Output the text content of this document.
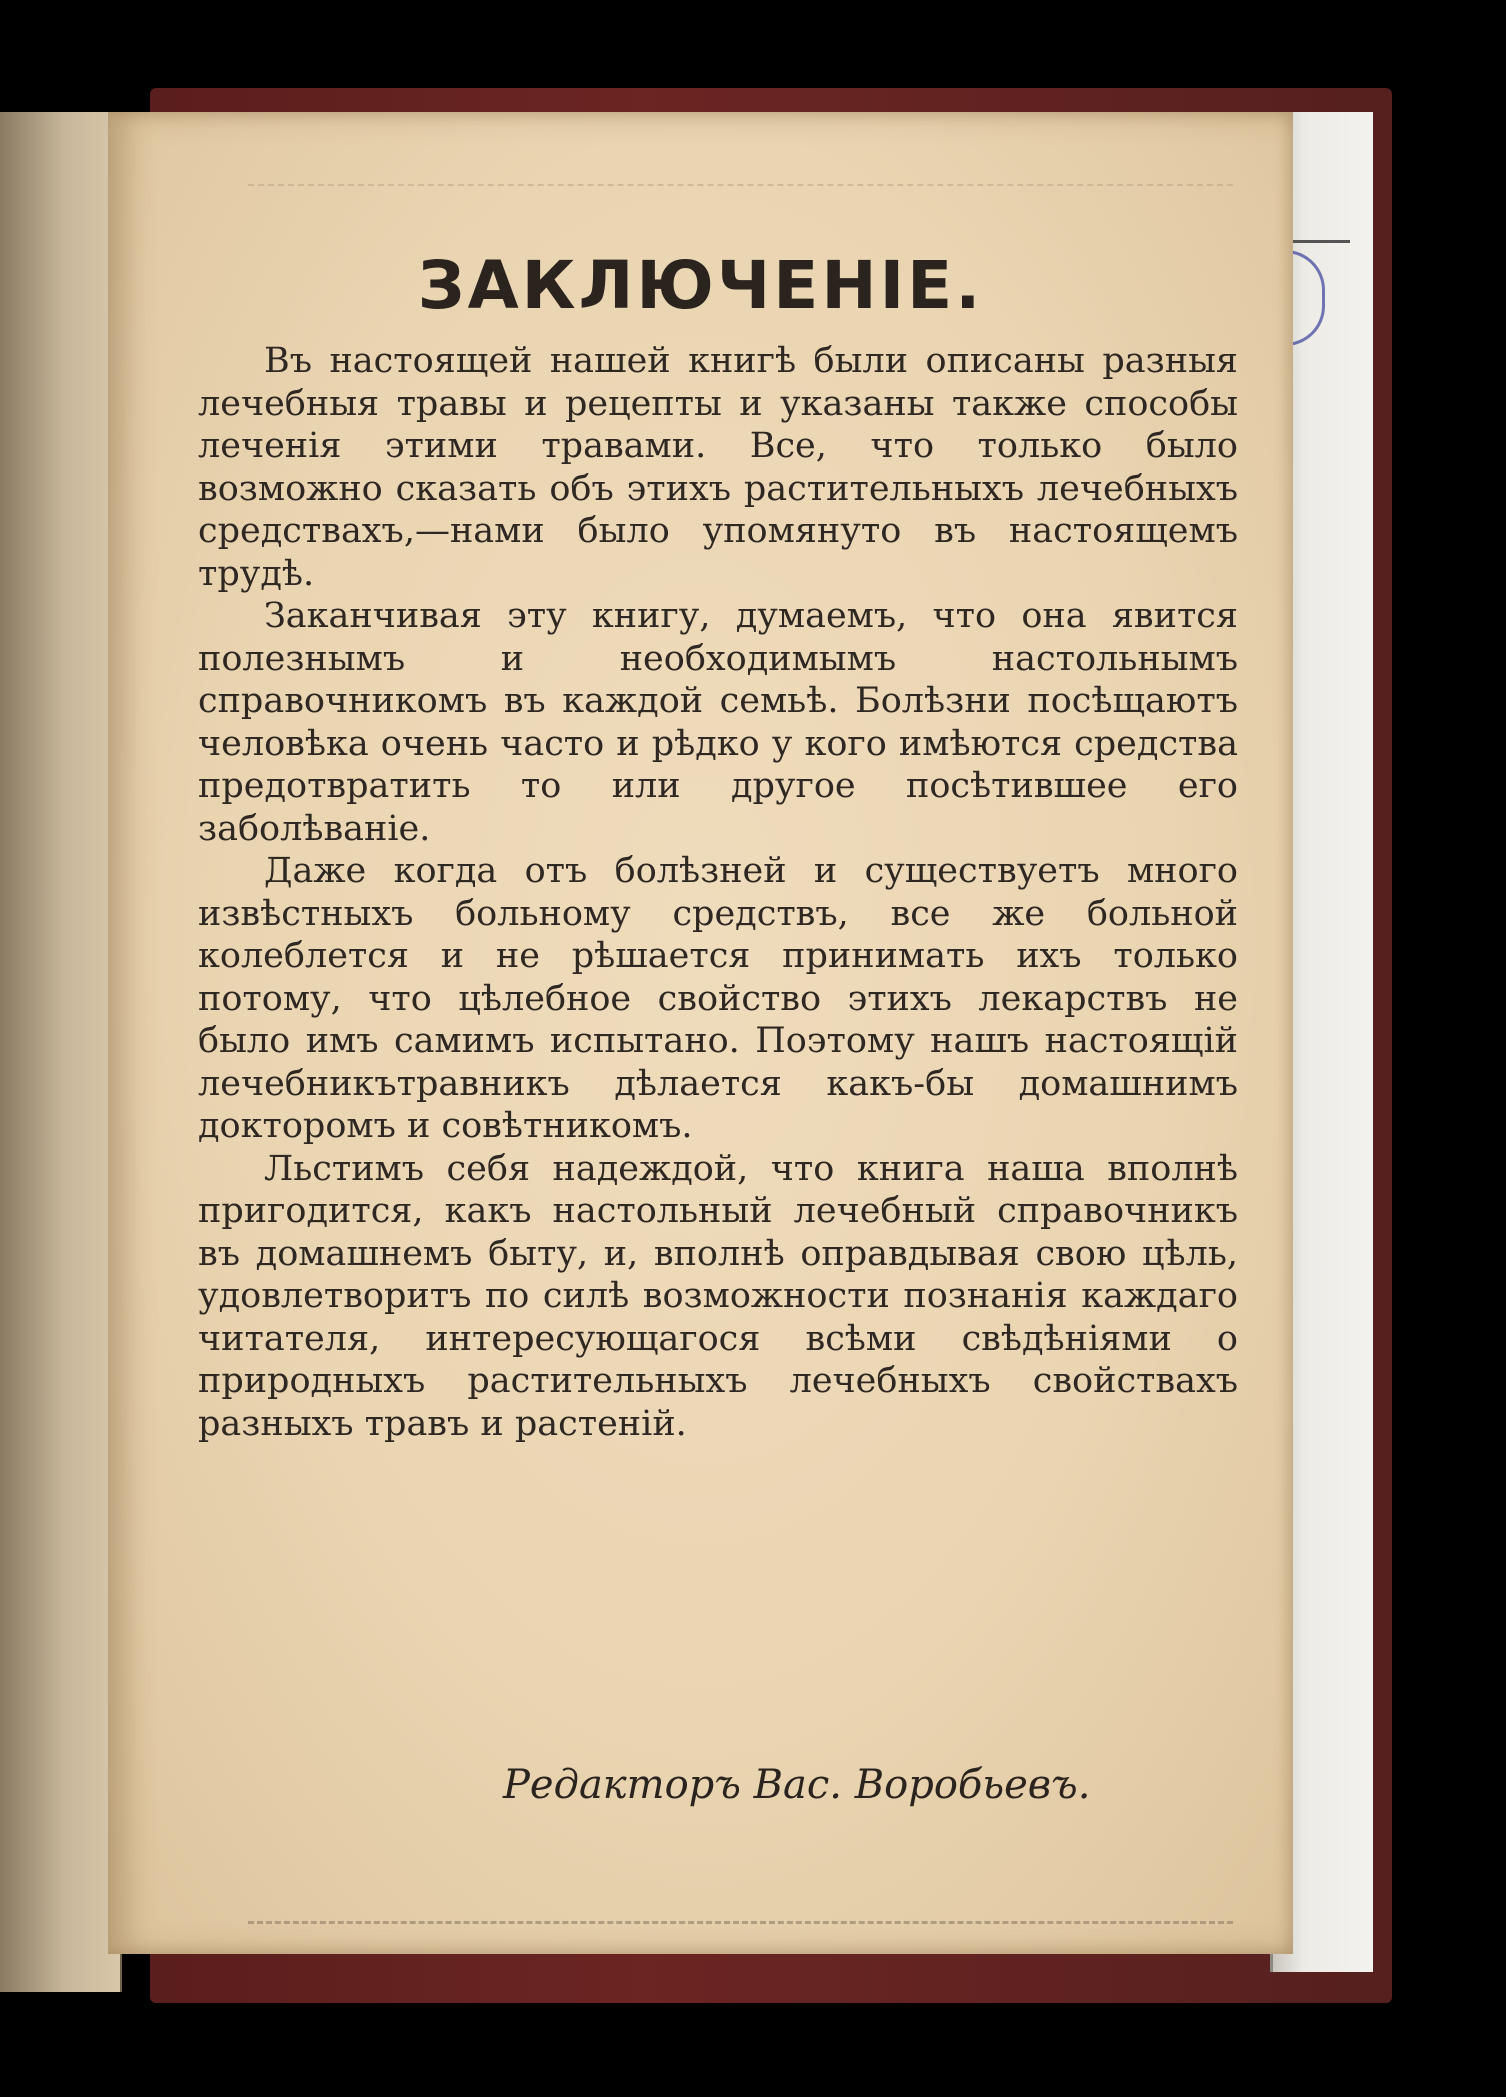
ЗАКЛЮЧЕНІЕ.

Въ настоящей нашей книгѣ были описаны разныя лечебныя травы и рецепты и указаны также способы леченія этими травами. Все, что только было возможно сказать объ этихъ растительныхъ лечебныхъ средствахъ,—нами было упомянуто въ настоящемъ трудѣ.

Заканчивая эту книгу, думаемъ, что она явится полезнымъ и необходимымъ настольнымъ справочникомъ въ каждой семьѣ. Болѣзни посѣщаютъ человѣка очень часто и рѣдко у кого имѣются средства предотвратить то или другое посѣтившее его заболѣваніе.

Даже когда отъ болѣзней и существуетъ много извѣстныхъ больному средствъ, все же больной колеблется и не рѣшается принимать ихъ только потому, что цѣлебное свойство этихъ лекарствъ не было имъ самимъ испытано. Поэтому нашъ настоящій лечебникътравникъ дѣлается какъ-бы домашнимъ докторомъ и совѣтникомъ.

Льстимъ себя надеждой, что книга наша вполнѣ пригодится, какъ настольный лечебный справочникъ въ домашнемъ быту, и, вполнѣ оправдывая свою цѣль, удовлетворитъ по силѣ возможности познанія каждаго читателя, интересующагося всѣми свѣдѣніями о природныхъ растительныхъ лечебныхъ свойствахъ разныхъ травъ и растеній.

Редакторъ Вас. Воробьевъ.
